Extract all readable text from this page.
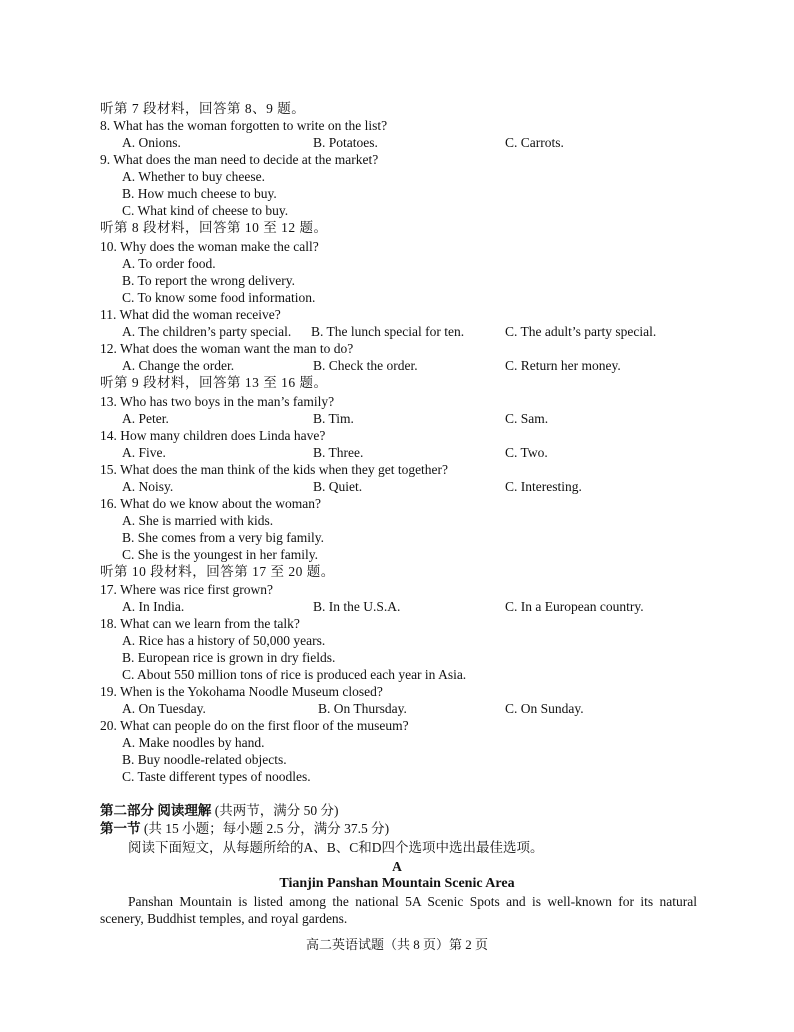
听第 7 段材料，回答第 8、9 题。
8. What has the woman forgotten to write on the list?
A. Onions.	B. Potatoes.	C. Carrots.
9. What does the man need to decide at the market?
A. Whether to buy cheese.
B. How much cheese to buy.
C. What kind of cheese to buy.
听第 8 段材料，回答第 10 至 12 题。
10. Why does the woman make the call?
A. To order food.
B. To report the wrong delivery.
C. To know some food information.
11. What did the woman receive?
A. The children’s party special. B. The lunch special for ten.	C. The adult’s party special.
12. What does the woman want the man to do?
A. Change the order.	B. Check the order.	C. Return her money.
听第 9 段材料，回答第 13 至 16 题。
13. Who has two boys in the man’s family?
A. Peter.	B. Tim.	C. Sam.
14. How many children does Linda have?
A. Five.	B. Three.	C. Two.
15. What does the man think of the kids when they get together?
A. Noisy.	B. Quiet.	C. Interesting.
16. What do we know about the woman?
A. She is married with kids.
B. She comes from a very big family.
C. She is the youngest in her family.
听第 10 段材料，回答第 17 至 20 题。
17. Where was rice first grown?
A. In India.	B. In the U.S.A.	C. In a European country.
18. What can we learn from the talk?
A. Rice has a history of 50,000 years.
B. European rice is grown in dry fields.
C. About 550 million tons of rice is produced each year in Asia.
19. When is the Yokohama Noodle Museum closed?
A. On Tuesday.	B. On Thursday.	C. On Sunday.
20. What can people do on the first floor of the museum?
A. Make noodles by hand.
B. Buy noodle-related objects.
C. Taste different types of noodles.
第二部分 阅读理解 (共两节，满分 50 分)
第一节 (共 15 小题；每小题 2.5 分，满分 37.5 分)
阅读下面短文，从每题所给的A、B、C和D四个选项中选出最佳选项。
A
Tianjin Panshan Mountain Scenic Area
Panshan Mountain is listed among the national 5A Scenic Spots and is well-known for its natural scenery, Buddhist temples, and royal gardens.
高二英语试题（共 8 页）第 2 页
